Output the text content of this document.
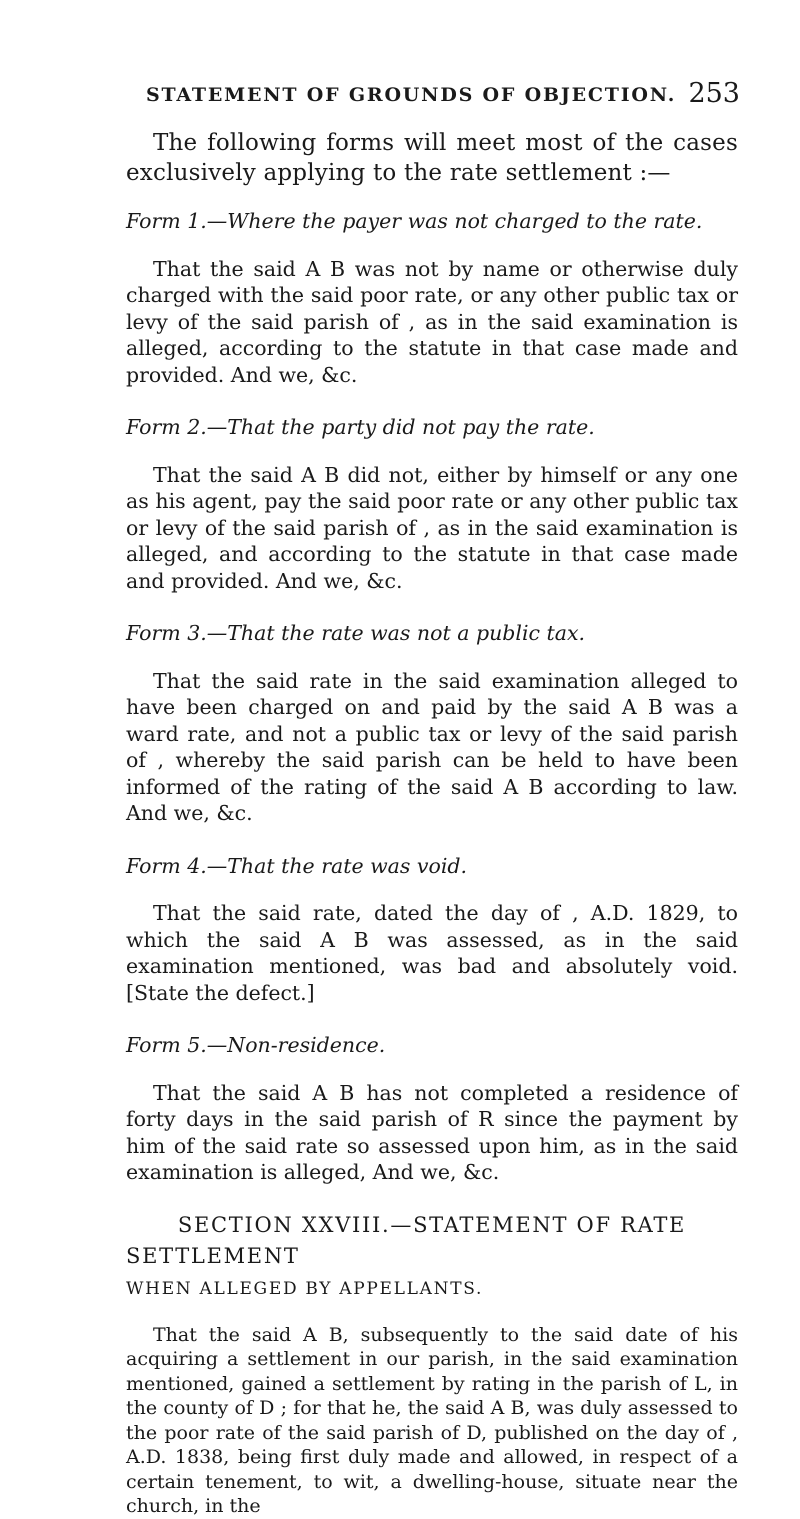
STATEMENT OF GROUNDS OF OBJECTION. 253

The following forms will meet most of the cases exclusively applying to the rate settlement :—

Form 1.—Where the payer was not charged to the rate.

That the said A B was not by name or otherwise duly charged with the said poor rate, or any other public tax or levy of the said parish of , as in the said examination is alleged, according to the statute in that case made and provided. And we, &c.

Form 2.—That the party did not pay the rate.

That the said A B did not, either by himself or any one as his agent, pay the said poor rate or any other public tax or levy of the said parish of , as in the said examination is alleged, and according to the statute in that case made and provided. And we, &c.

Form 3.—That the rate was not a public tax.

That the said rate in the said examination alleged to have been charged on and paid by the said A B was a ward rate, and not a public tax or levy of the said parish of , whereby the said parish can be held to have been informed of the rating of the said A B according to law. And we, &c.

Form 4.—That the rate was void.

That the said rate, dated the day of , A.D. 1829, to which the said A B was assessed, as in the said examination mentioned, was bad and absolutely void. [State the defect.]

Form 5.—Non-residence.

That the said A B has not completed a residence of forty days in the said parish of R since the payment by him of the said rate so assessed upon him, as in the said examination is alleged, And we, &c.

SECTION XXVIII.—STATEMENT OF RATE SETTLEMENT
WHEN ALLEGED BY APPELLANTS.

That the said A B, subsequently to the said date of his acquiring a settlement in our parish, in the said examination mentioned, gained a settlement by rating in the parish of L, in the county of D ; for that he, the said A B, was duly assessed to the poor rate of the said parish of D, published on the day of , A.D. 1838, being first duly made and allowed, in respect of a certain tenement, to wit, a dwelling-house, situate near the church, in the
